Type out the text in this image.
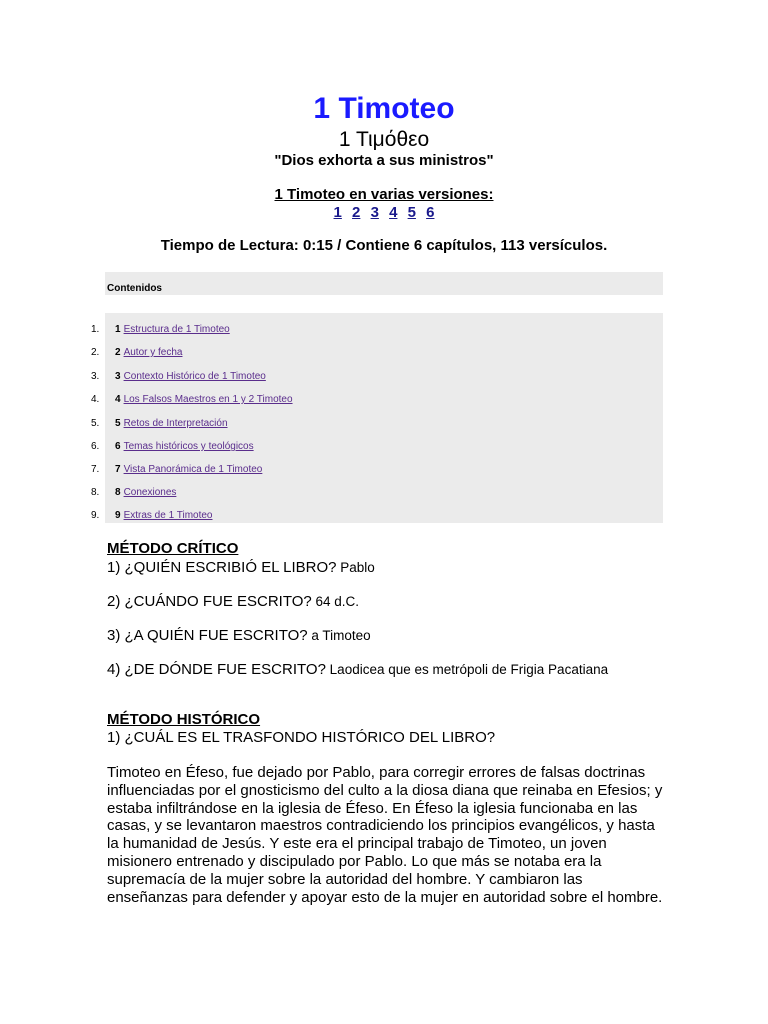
1 Timoteo
1 Τιμόθεο
"Dios exhorta a sus ministros"
1 Timoteo en varias versiones:
1 2 3 4 5 6
Tiempo de Lectura: 0:15 / Contiene 6 capítulos, 113 versículos.
Contenidos
1.	1 Estructura de 1 Timoteo
2.	2 Autor y fecha
3.	3 Contexto Histórico de 1 Timoteo
4.	4 Los Falsos Maestros en 1 y 2 Timoteo
5.	5 Retos de Interpretación
6.	6 Temas históricos y teológicos
7.	7 Vista Panorámica de 1 Timoteo
8.	8 Conexiones
9.	9 Extras de 1 Timoteo
MÉTODO CRÍTICO
1) ¿QUIÉN ESCRIBIÓ EL LIBRO? Pablo
2) ¿CUÁNDO FUE ESCRITO? 64 d.C.
3) ¿A QUIÉN FUE ESCRITO? a Timoteo
4) ¿DE DÓNDE FUE ESCRITO? Laodicea que es metrópoli de Frigia Pacatiana
MÉTODO HISTÓRICO
1) ¿CUÁL ES EL TRASFONDO HISTÓRICO DEL LIBRO?
Timoteo en Éfeso, fue dejado por Pablo, para corregir errores de falsas doctrinas influenciadas por el gnosticismo del culto a la diosa diana que reinaba en Efesios; y estaba infiltrándose en la iglesia de Éfeso. En Éfeso la iglesia funcionaba en las casas, y se levantaron maestros contradiciendo los principios evangélicos, y hasta la humanidad de Jesús. Y este era el principal trabajo de Timoteo, un joven misionero entrenado y discipulado por Pablo. Lo que más se notaba era la supremacía de la mujer sobre la autoridad del hombre. Y cambiaron las enseñanzas para defender y apoyar esto de la mujer en autoridad sobre el hombre.
